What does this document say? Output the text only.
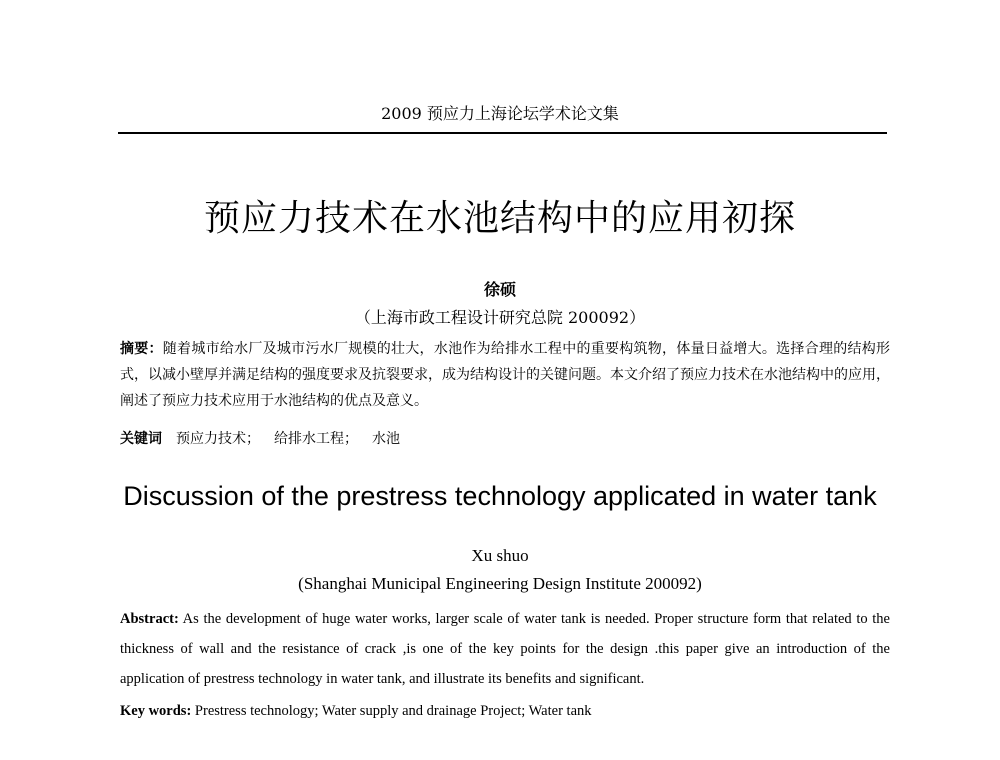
2009 预应力上海论坛学术论文集
预应力技术在水池结构中的应用初探
徐硕
（上海市政工程设计研究总院 200092）
摘要：随着城市给水厂及城市污水厂规模的壮大，水池作为给排水工程中的重要构筑物，体量日益增大。选择合理的结构形式，以减小壁厚并满足结构的强度要求及抗裂要求，成为结构设计的关键问题。本文介绍了预应力技术在水池结构中的应用，阐述了预应力技术应用于水池结构的优点及意义。
关键词 预应力技术； 给排水工程； 水池
Discussion of the prestress technology applicated in water tank
Xu shuo
(Shanghai Municipal Engineering Design Institute 200092)
Abstract: As the development of huge water works, larger scale of water tank is needed. Proper structure form that related to the thickness of wall and the resistance of crack ,is one of the key points for the design .this paper give an introduction of the application of prestress technology in water tank, and illustrate its benefits and significant.
Key words: Prestress technology; Water supply and drainage Project; Water tank
